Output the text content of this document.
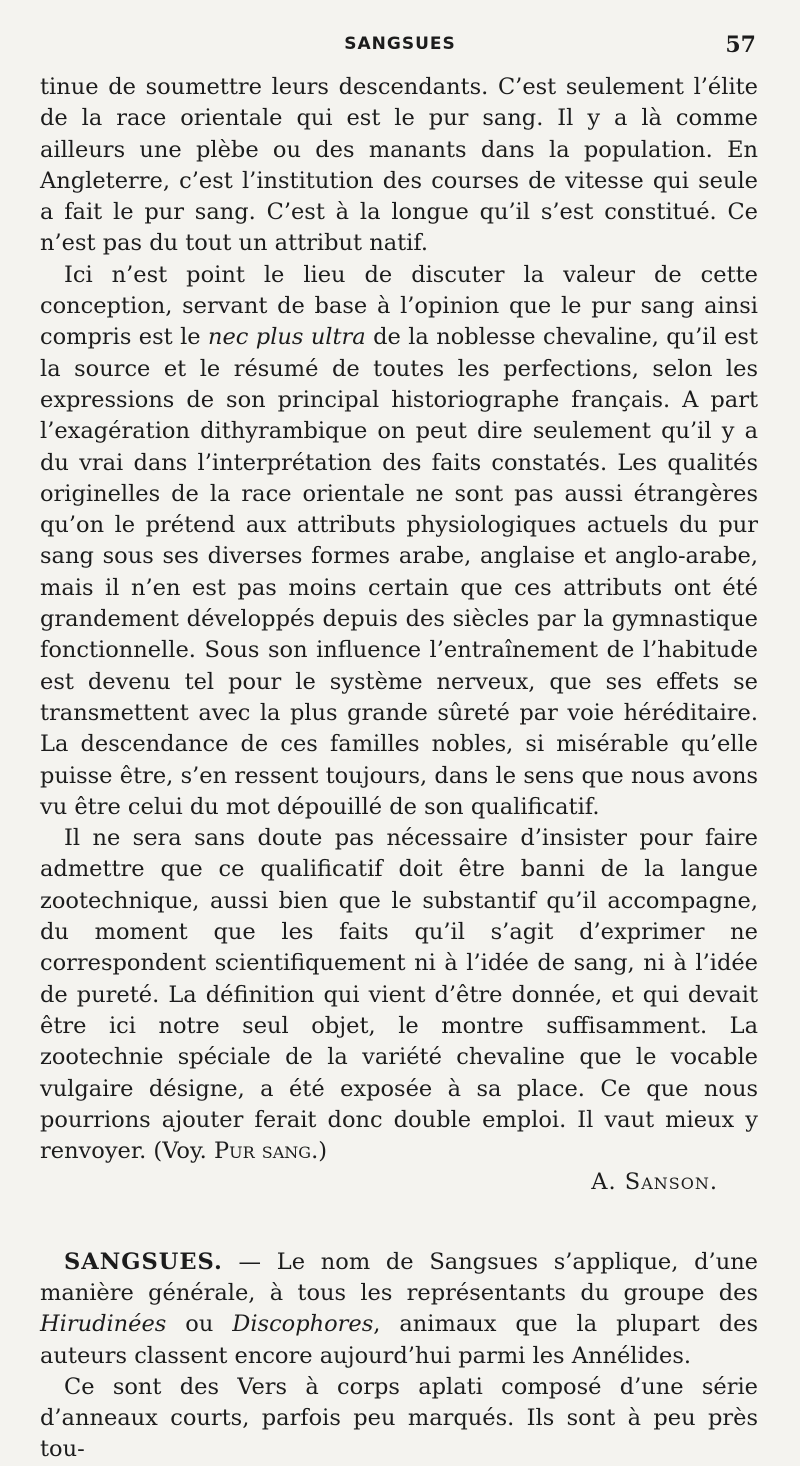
SANGSUES	57

tinue de soumettre leurs descendants. C’est seulement l’élite de la race orientale qui est le pur sang. Il y a là comme ailleurs une plèbe ou des manants dans la population. En Angleterre, c’est l’institution des courses de vitesse qui seule a fait le pur sang. C’est à la longue qu’il s’est constitué. Ce n’est pas du tout un attribut natif.

Ici n’est point le lieu de discuter la valeur de cette conception, servant de base à l’opinion que le pur sang ainsi compris est le nec plus ultra de la noblesse chevaline, qu’il est la source et le résumé de toutes les perfections, selon les expressions de son principal historiographe français. A part l’exagération dithyrambique on peut dire seulement qu’il y a du vrai dans l’interprétation des faits constatés. Les qualités originelles de la race orientale ne sont pas aussi étrangères qu’on le prétend aux attributs physiologiques actuels du pur sang sous ses diverses formes arabe, anglaise et anglo-arabe, mais il n’en est pas moins certain que ces attributs ont été grandement développés depuis des siècles par la gymnastique fonctionnelle. Sous son influence l’entraînement de l’habitude est devenu tel pour le système nerveux, que ses effets se transmettent avec la plus grande sûreté par voie héréditaire. La descendance de ces familles nobles, si misérable qu’elle puisse être, s’en ressent toujours, dans le sens que nous avons vu être celui du mot dépouillé de son qualificatif.

Il ne sera sans doute pas nécessaire d’insister pour faire admettre que ce qualificatif doit être banni de la langue zootechnique, aussi bien que le substantif qu’il accompagne, du moment que les faits qu’il s’agit d’exprimer ne correspondent scientifiquement ni à l’idée de sang, ni à l’idée de pureté. La définition qui vient d’être donnée, et qui devait être ici notre seul objet, le montre suffisamment. La zootechnie spéciale de la variété chevaline que le vocable vulgaire désigne, a été exposée à sa place. Ce que nous pourrions ajouter ferait donc double emploi. Il vaut mieux y renvoyer. (Voy. Pur sang.)

A. Sanson.

SANGSUES. — Le nom de Sangsues s’applique, d’une manière générale, à tous les représentants du groupe des Hirudinées ou Discophores, animaux que la plupart des auteurs classent encore aujourd’hui parmi les Annélides.

Ce sont des Vers à corps aplati composé d’une série d’anneaux courts, parfois peu marqués. Ils sont à peu près tou-
